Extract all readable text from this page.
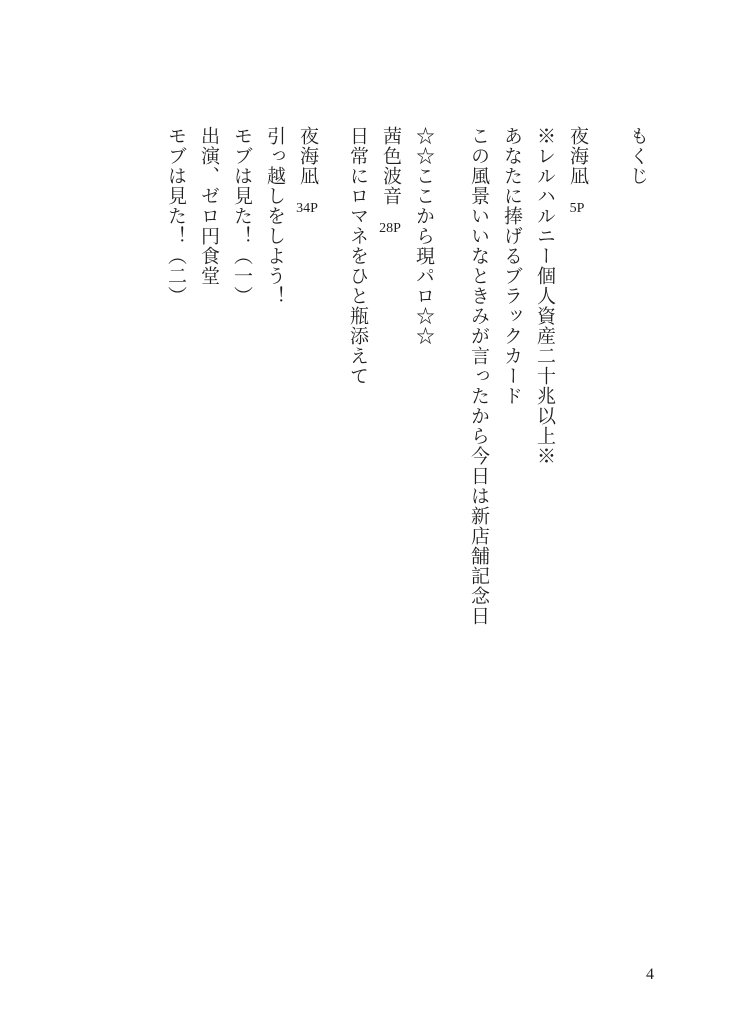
もくじ

夜海凪5P

※レルハルニー個人資産二十兆以上※

あなたに捧げるブラックカード

この風景いいなときみが言ったから今日は新店舗記念日

☆☆ここから現パロ☆☆

茜色波音28P

日常にロマネをひと瓶添えて

夜海凪34P

引っ越しをしよう！

モブは見た！（一）

出演、ゼロ円食堂

モブは見た！（二）

4
